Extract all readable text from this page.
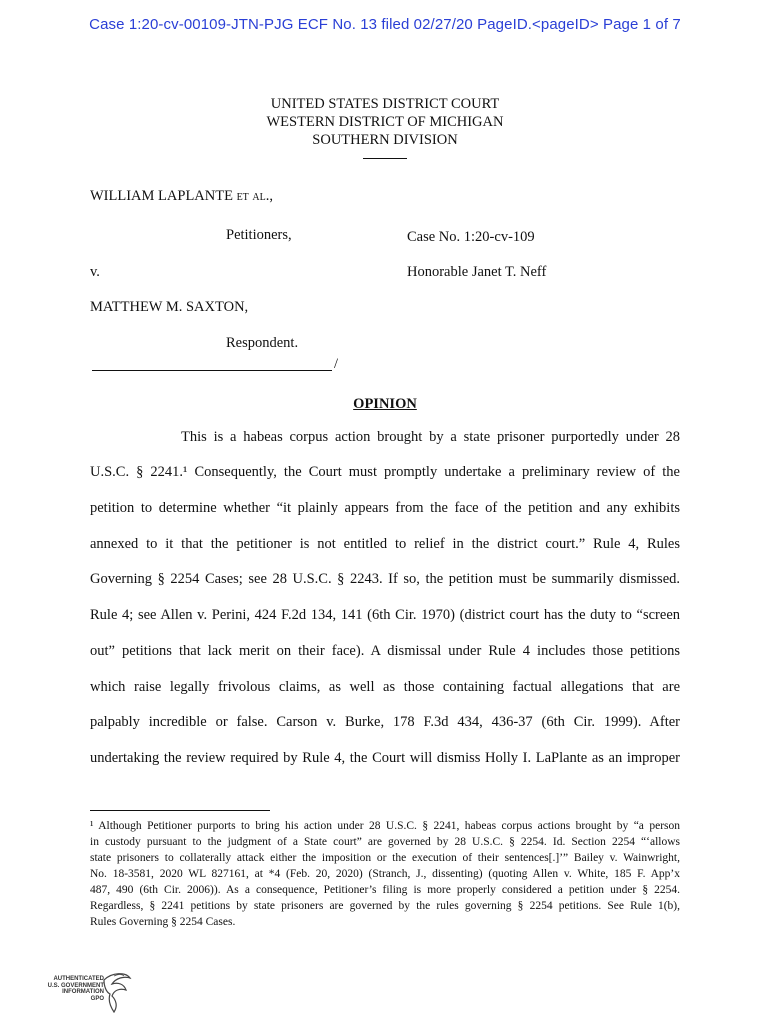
Case 1:20-cv-00109-JTN-PJG ECF No. 13 filed 02/27/20 PageID.<pageID> Page 1 of 7
UNITED STATES DISTRICT COURT
WESTERN DISTRICT OF MICHIGAN
SOUTHERN DIVISION
WILLIAM LAPLANTE et al.,
Petitioners,	Case No. 1:20-cv-109
v.	Honorable Janet T. Neff
MATTHEW M. SAXTON,
Respondent.
/
OPINION
This is a habeas corpus action brought by a state prisoner purportedly under 28
U.S.C. § 2241.¹ Consequently, the Court must promptly undertake a preliminary review of the
petition to determine whether “it plainly appears from the face of the petition and any exhibits
annexed to it that the petitioner is not entitled to relief in the district court.” Rule 4, Rules
Governing § 2254 Cases; see 28 U.S.C. § 2243. If so, the petition must be summarily dismissed.
Rule 4; see Allen v. Perini, 424 F.2d 134, 141 (6th Cir. 1970) (district court has the duty to “screen
out” petitions that lack merit on their face). A dismissal under Rule 4 includes those petitions
which raise legally frivolous claims, as well as those containing factual allegations that are
palpably incredible or false. Carson v. Burke, 178 F.3d 434, 436-37 (6th Cir. 1999). After
undertaking the review required by Rule 4, the Court will dismiss Holly I. LaPlante as an improper
¹ Although Petitioner purports to bring his action under 28 U.S.C. § 2241, habeas corpus actions brought by “a person
in custody pursuant to the judgment of a State court” are governed by 28 U.S.C. § 2254. Id. Section 2254 “‘allows
state prisoners to collaterally attack either the imposition or the execution of their sentences[.]’” Bailey v. Wainwright,
No. 18-3581, 2020 WL 827161, at *4 (Feb. 20, 2020) (Stranch, J., dissenting) (quoting Allen v. White, 185 F. App’x
487, 490 (6th Cir. 2006)). As a consequence, Petitioner’s filing is more properly considered a petition under § 2254.
Regardless, § 2241 petitions by state prisoners are governed by the rules governing § 2254 petitions. See Rule 1(b),
Rules Governing § 2254 Cases.
AUTHENTICATED
U.S. GOVERNMENT
INFORMATION
GPO
